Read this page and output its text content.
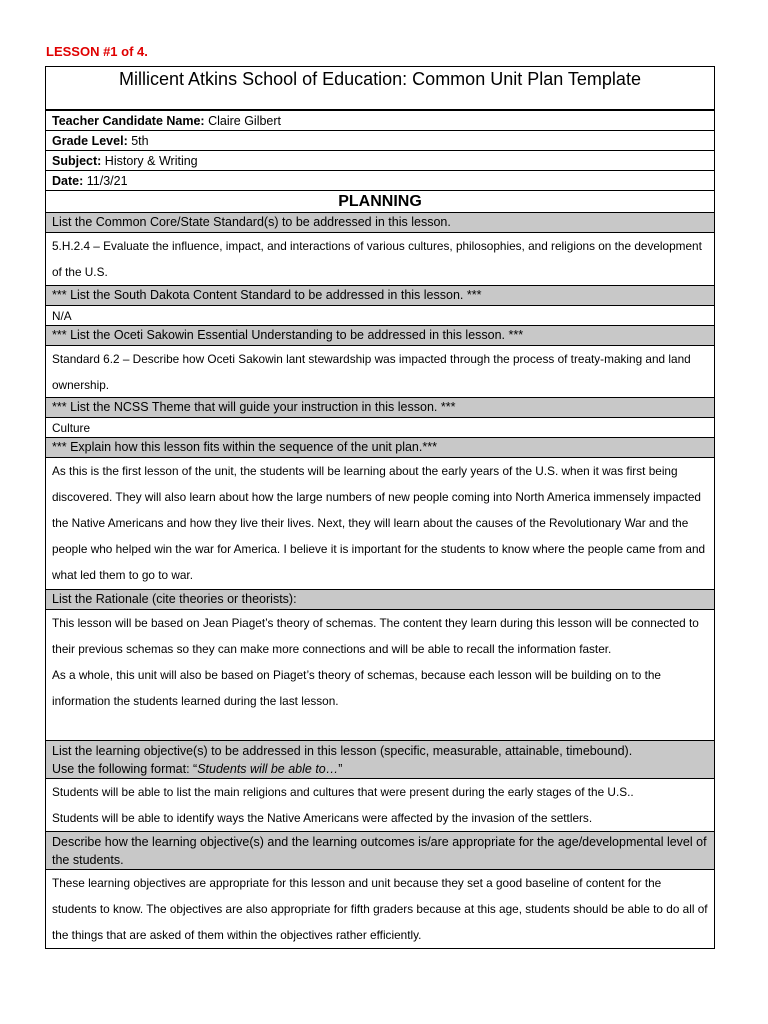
LESSON #1 of 4.
Millicent Atkins School of Education: Common Unit Plan Template
Teacher Candidate Name: Claire Gilbert
Grade Level: 5th
Subject: History & Writing
Date: 11/3/21
PLANNING
List the Common Core/State Standard(s) to be addressed in this lesson.
5.H.2.4 – Evaluate the influence, impact, and interactions of various cultures, philosophies, and religions on the development of the U.S.
*** List the South Dakota Content Standard to be addressed in this lesson. ***
N/A
*** List the Oceti Sakowin Essential Understanding to be addressed in this lesson. ***
Standard 6.2 – Describe how Oceti Sakowin lant stewardship was impacted through the process of treaty-making and land ownership.
*** List the NCSS Theme that will guide your instruction in this lesson. ***
Culture
*** Explain how this lesson fits within the sequence of the unit plan.***
As this is the first lesson of the unit, the students will be learning about the early years of the U.S. when it was first being discovered. They will also learn about how the large numbers of new people coming into North America immensely impacted the Native Americans and how they live their lives. Next, they will learn about the causes of the Revolutionary War and the people who helped win the war for America. I believe it is important for the students to know where the people came from and what led them to go to war.
List the Rationale (cite theories or theorists):

This lesson will be based on Jean Piaget’s theory of schemas. The content they learn during this lesson will be connected to their previous schemas so they can make more connections and will be able to recall the information faster.

As a whole, this unit will also be based on Piaget’s theory of schemas, because each lesson will be building on to the information the students learned during the last lesson.

List the learning objective(s) to be addressed in this lesson (specific, measurable, attainable, timebound).
Use the following format: “Students will be able to…”

Students will be able to list the main religions and cultures that were present during the early stages of the U.S..

Students will be able to identify ways the Native Americans were affected by the invasion of the settlers.

Describe how the learning objective(s) and the learning outcomes is/are appropriate for the age/developmental level of the students.
These learning objectives are appropriate for this lesson and unit because they set a good baseline of content for the students to know. The objectives are also appropriate for fifth graders because at this age, students should be able to do all of the things that are asked of them within the objectives rather efficiently.
